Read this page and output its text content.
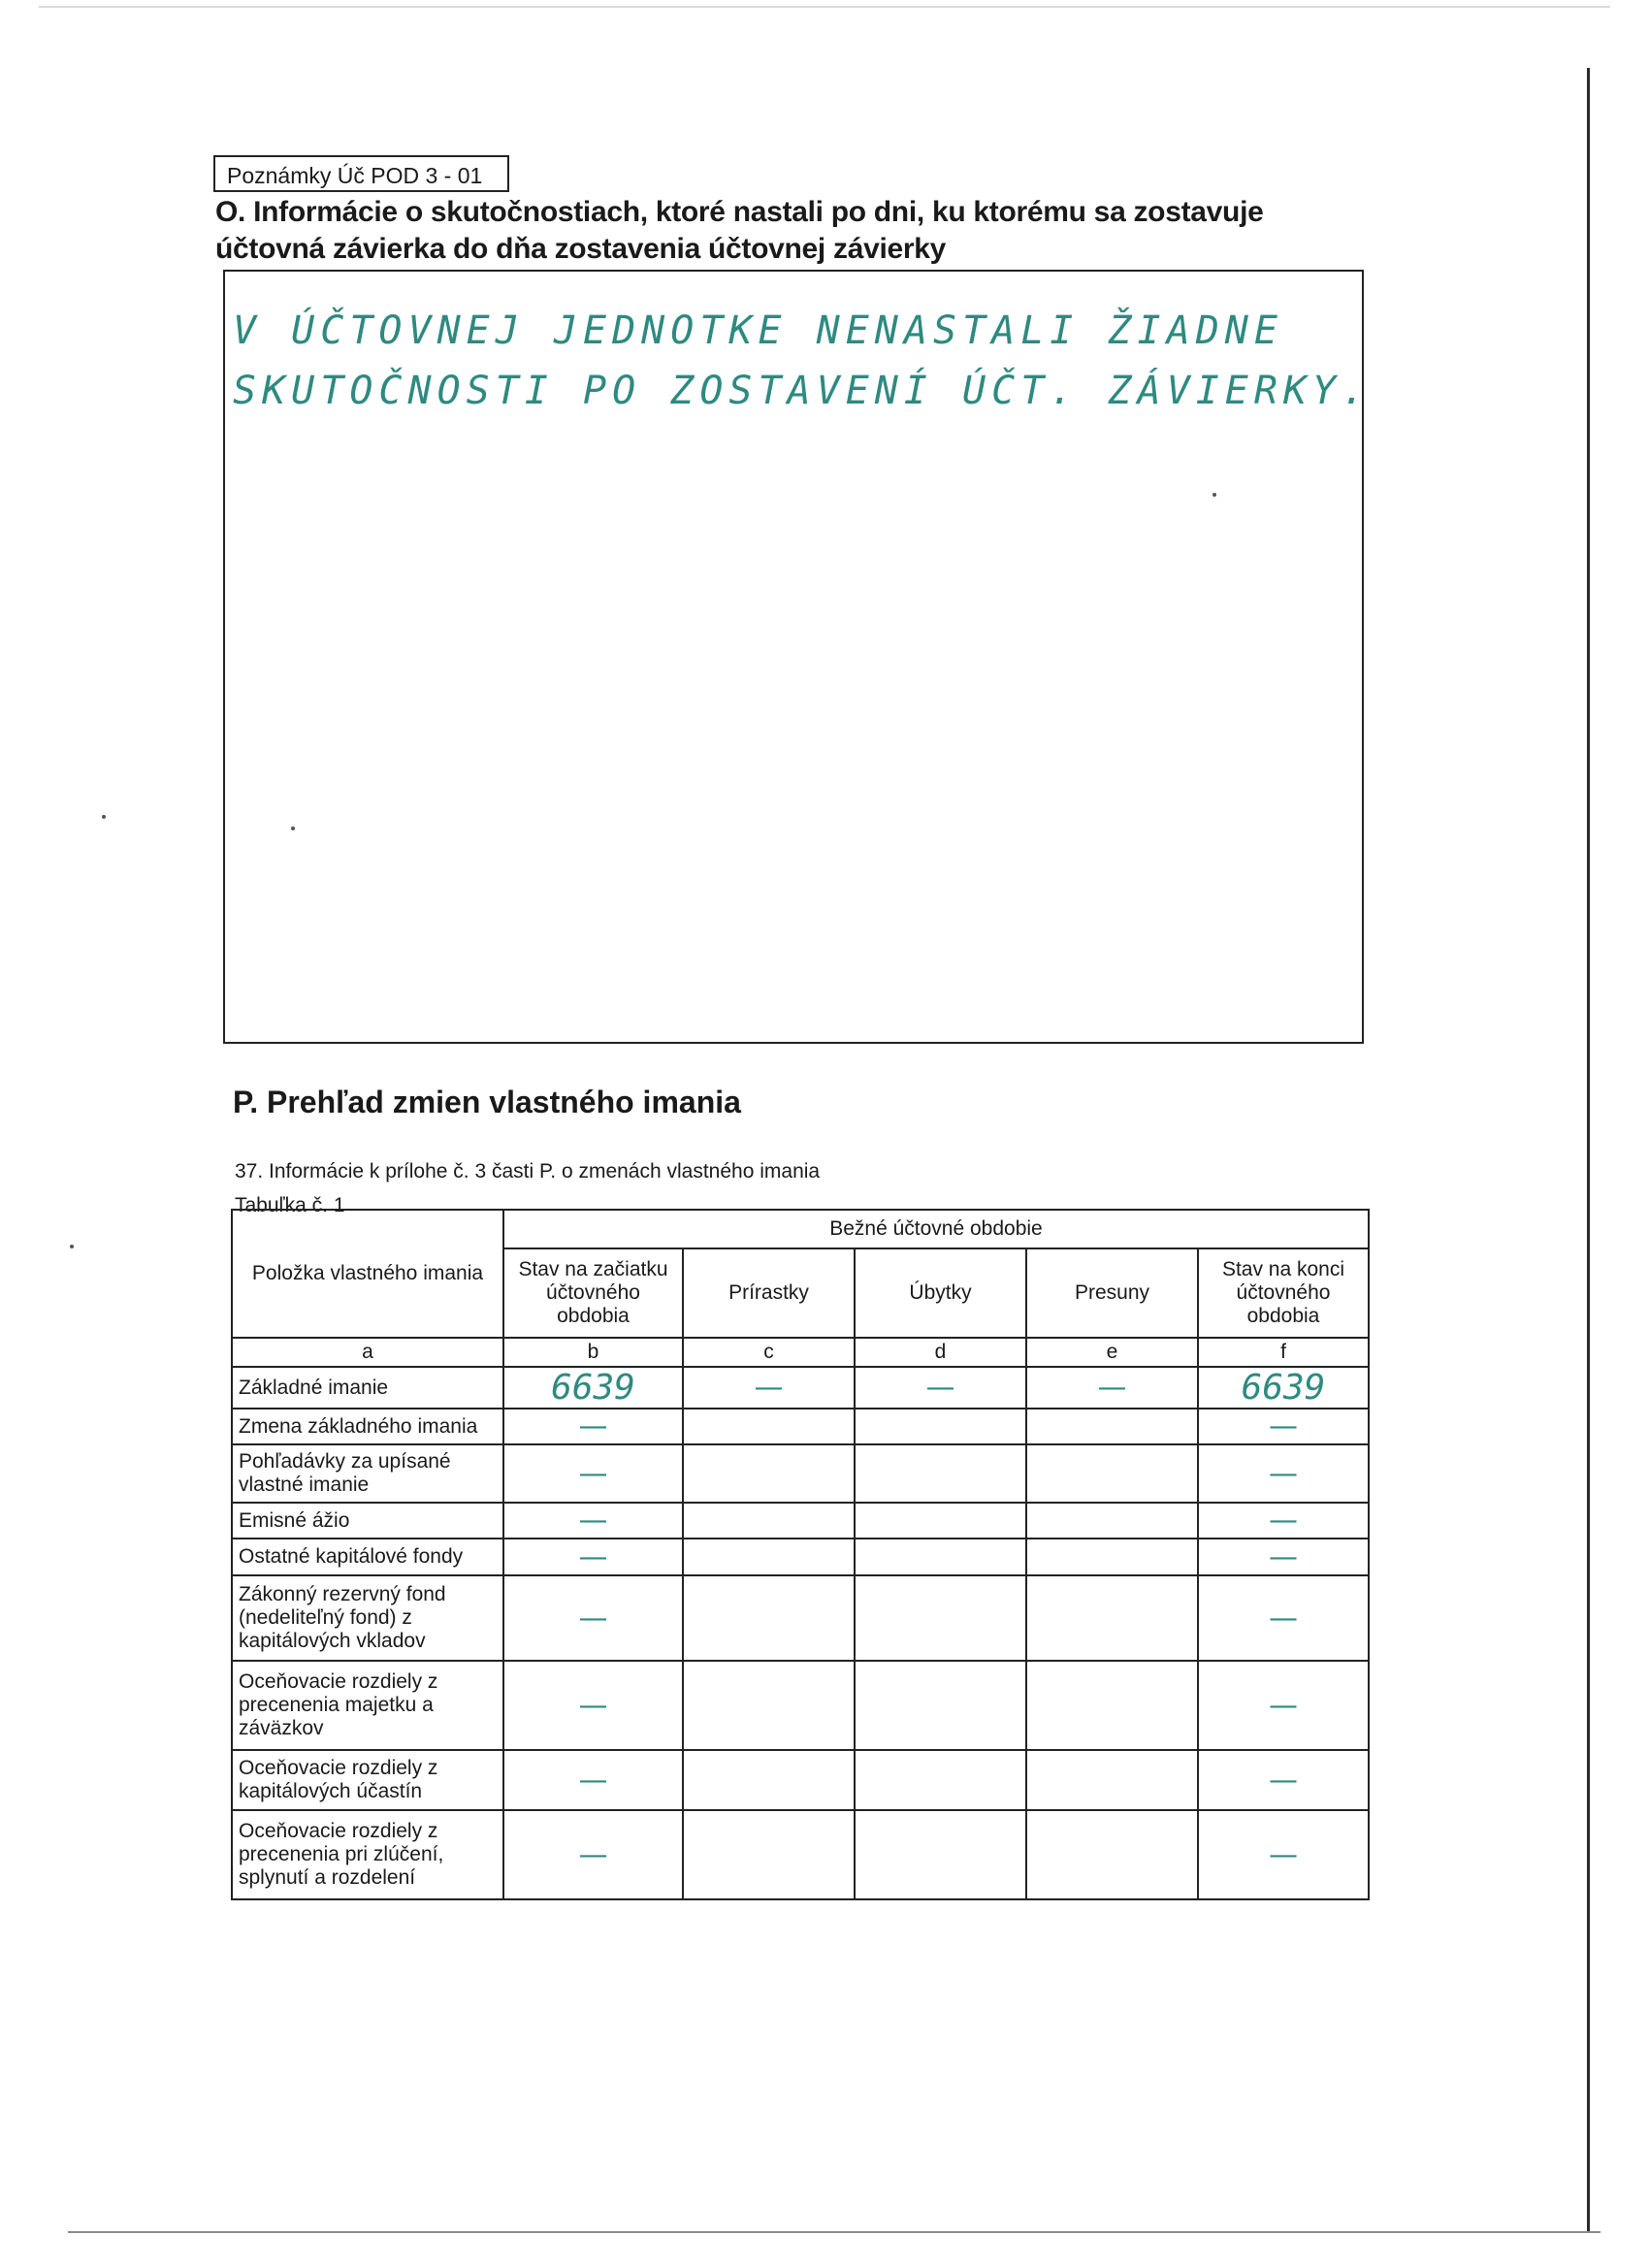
Poznámky Úč POD 3 - 01
O. Informácie o skutočnostiach, ktoré nastali po dni, ku ktorému sa zostavuje účtovná závierka do dňa zostavenia účtovnej závierky
V ÚČTOVNEJ JEDNOTKE NENASTALI ŽIADNE
SKUTOČNOSTI PO ZOSTAVENÍ ÚČT. ZÁVIERKY.
P. Prehľad zmien vlastného imania
37. Informácie k prílohe č. 3 časti P. o zmenách vlastného imania
Tabuľka č. 1
Položka vlastného imania	Bežné účtovné obdobie				
	Stav na začiatku účtovného obdobia	Prírastky	Úbytky	Presuny	Stav na konci účtovného obdobia
a	b	c	d	e	f
Základné imanie	6639	—	—	—	6639
Zmena základného imania	—				—
Pohľadávky za upísané vlastné imanie	—				—
Emisné ážio	—				—
Ostatné kapitálové fondy	—				—
Zákonný rezervný fond (nedeliteľný fond) z kapitálových vkladov	—				—
Oceňovacie rozdiely z precenenia majetku a záväzkov	—				—
Oceňovacie rozdiely z kapitálových účastín	—				—
Oceňovacie rozdiely z precenenia pri zlúčení, splynutí a rozdelení	—				—
